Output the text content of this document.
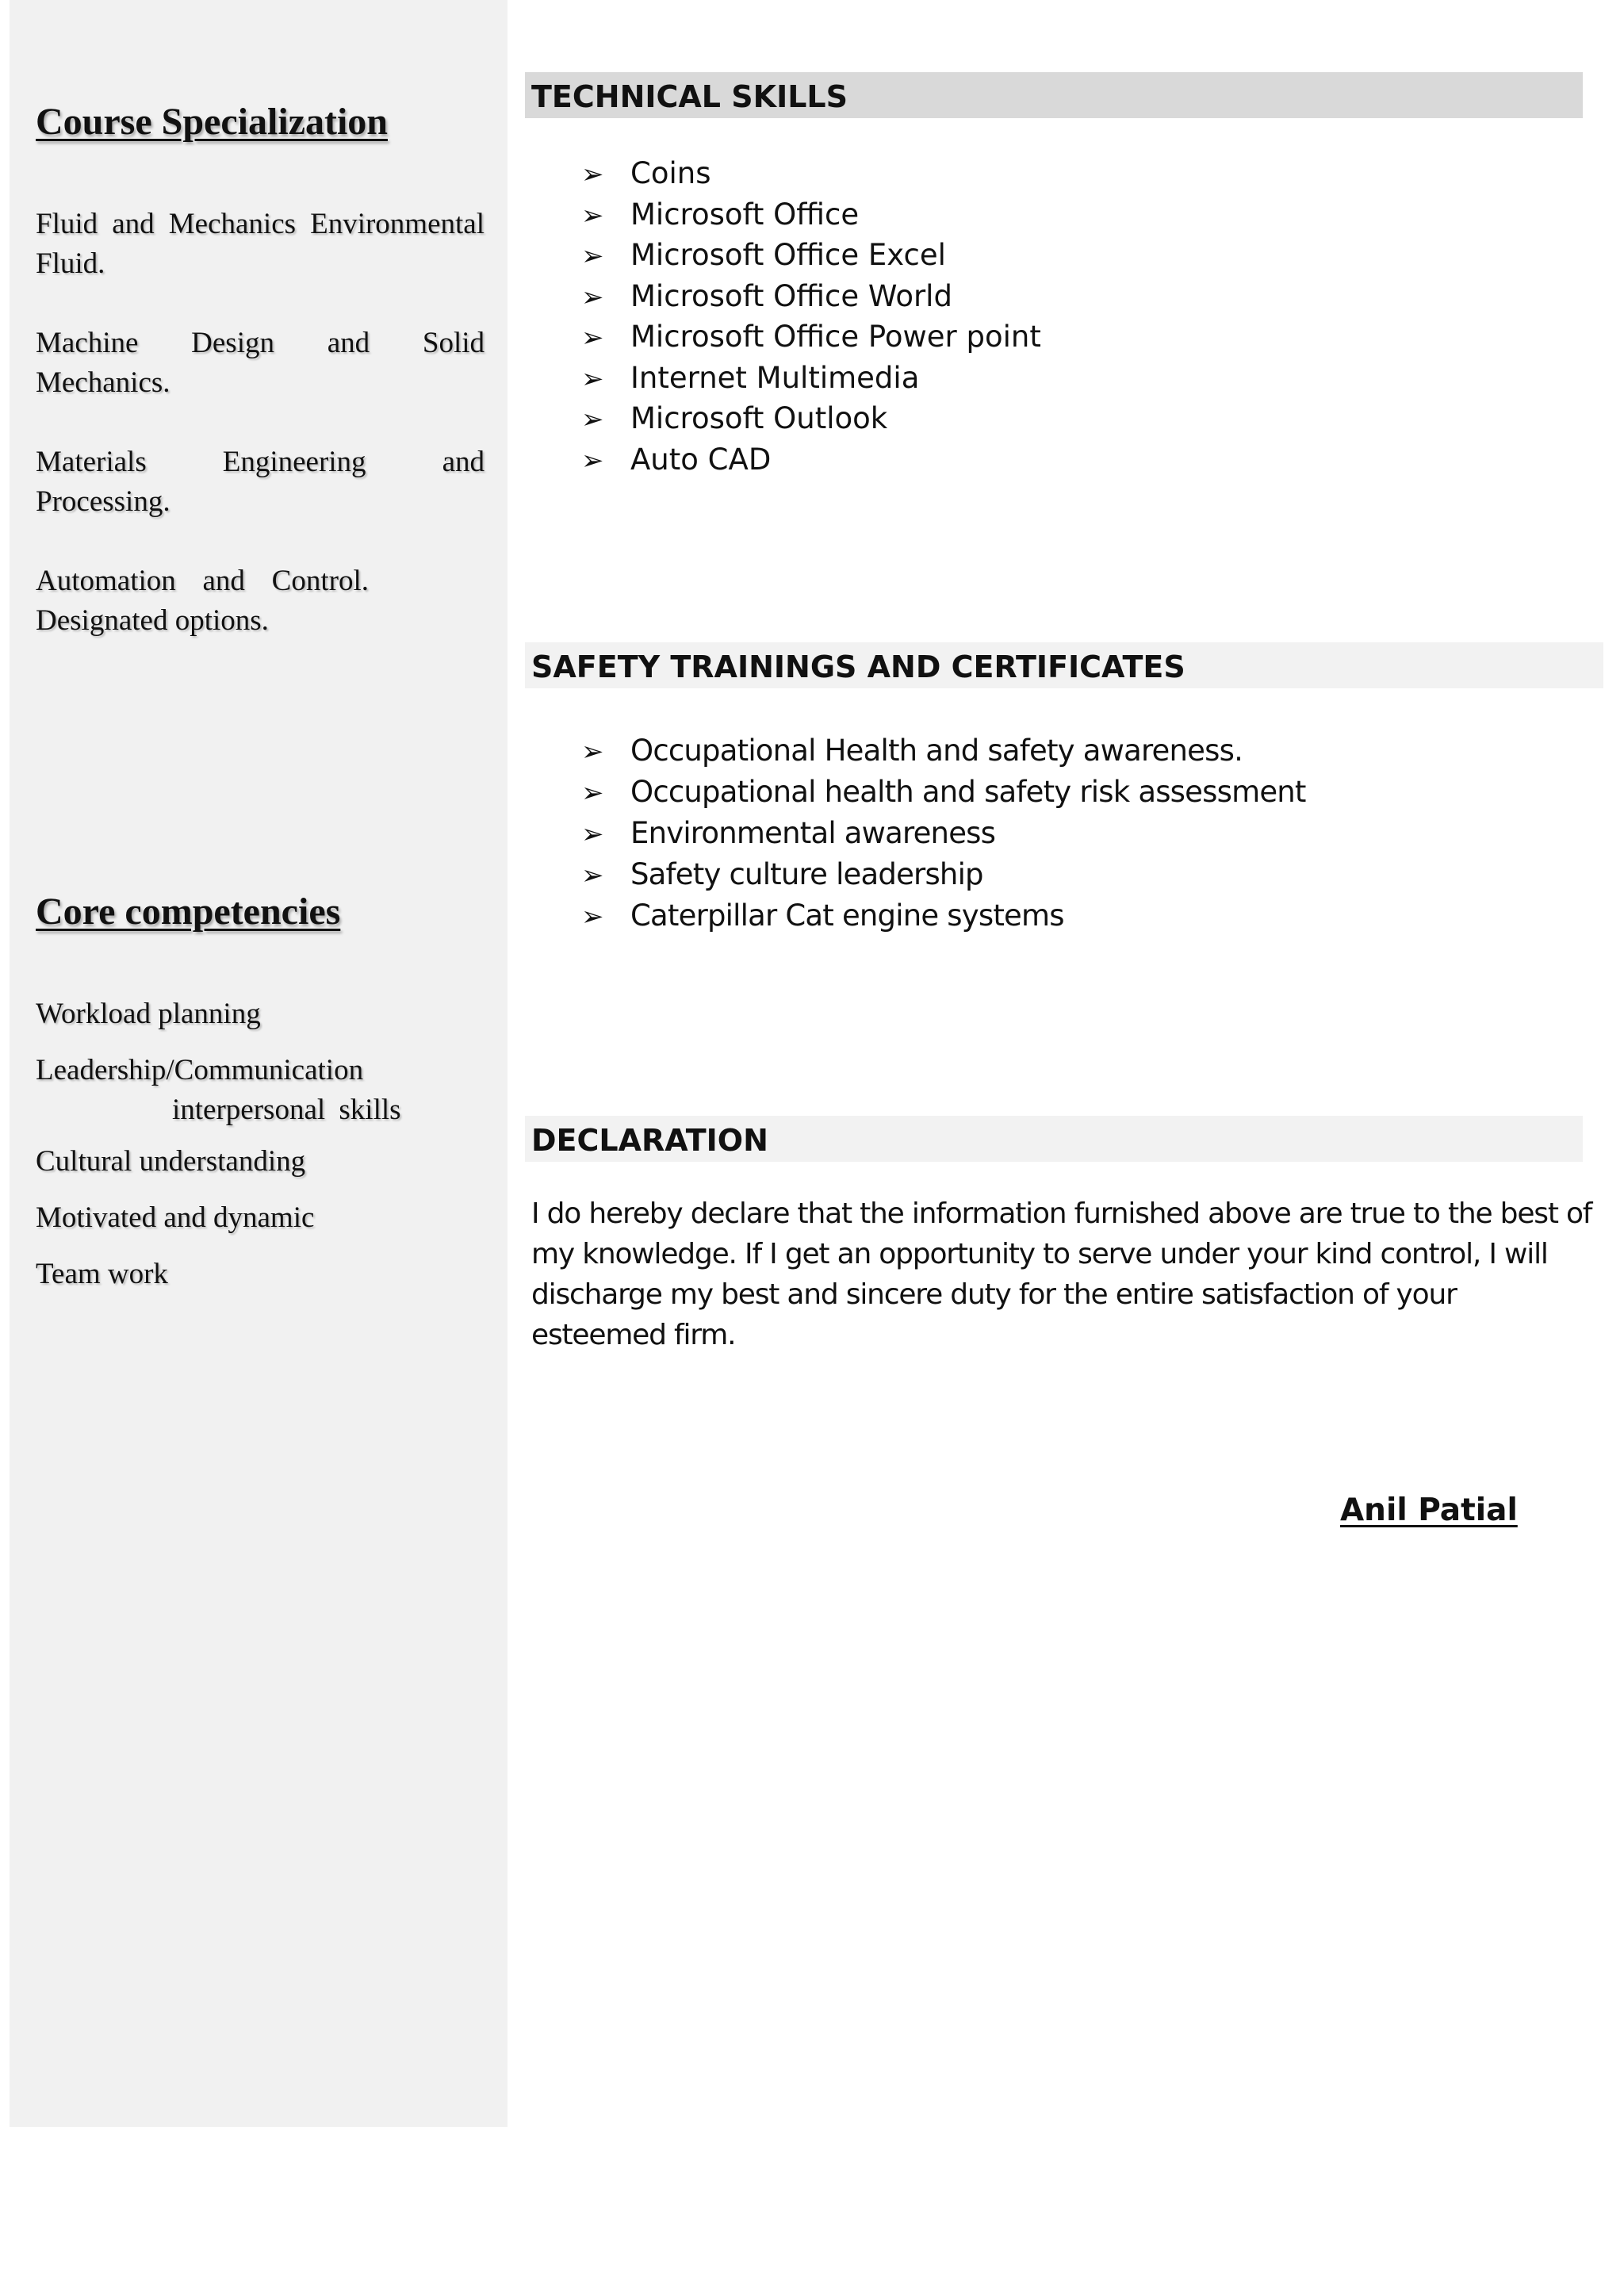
Course Specialization
Fluid and Mechanics Environmental Fluid.
Machine Design and Solid Mechanics.
Materials Engineering and Processing.
Automation and Control. Designated options.
Core competencies
Workload planning
Leadership/Communication
interpersonal skills
Cultural understanding
Motivated and dynamic
Team work
TECHNICAL SKILLS
➢ Coins
➢ Microsoft Office
➢ Microsoft Office Excel
➢ Microsoft Office World
➢ Microsoft Office Power point
➢ Internet Multimedia
➢ Microsoft Outlook
➢ Auto CAD
SAFETY TRAININGS AND CERTIFICATES
➢ Occupational Health and safety awareness.
➢ Occupational health and safety risk assessment
➢ Environmental awareness
➢ Safety culture leadership
➢ Caterpillar Cat engine systems
DECLARATION

I do hereby declare that the information furnished above are true to the best of my knowledge. If I get an opportunity to serve under your kind control, I will discharge my best and sincere duty for the entire satisfaction of your esteemed firm.

Anil Patial
